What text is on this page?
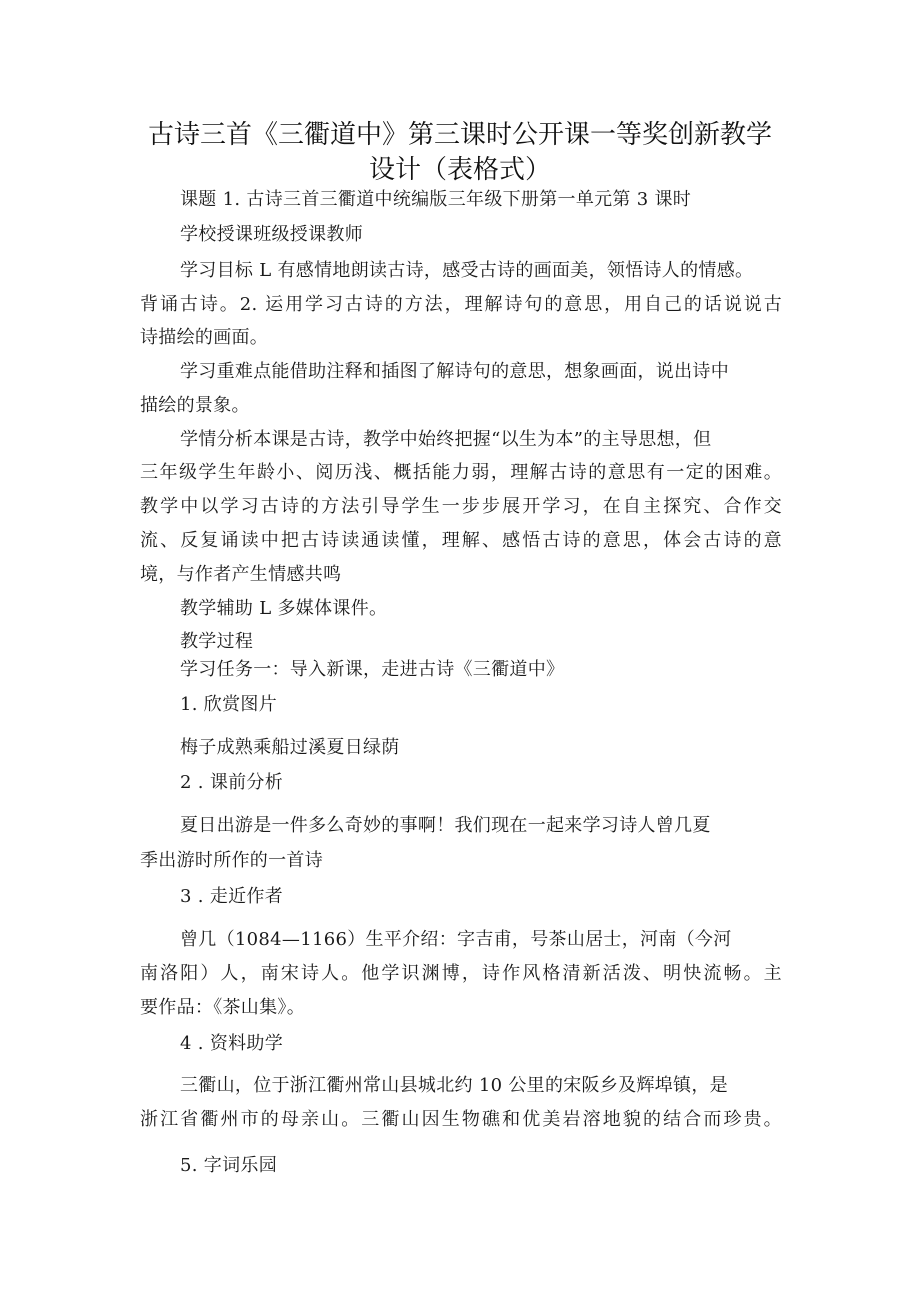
古诗三首《三衢道中》第三课时公开课一等奖创新教学
设计（表格式）
课题 1. 古诗三首三衢道中统编版三年级下册第一单元第 3 课时
学校授课班级授课教师
学习目标 L 有感情地朗读古诗，感受古诗的画面美，领悟诗人的情感。
背诵古诗。2. 运用学习古诗的方法，理解诗句的意思，用自己的话说说古
诗描绘的画面。
学习重难点能借助注释和插图了解诗句的意思，想象画面，说出诗中
描绘的景象。
学情分析本课是古诗，教学中始终把握“以生为本”的主导思想，但
三年级学生年龄小、阅历浅、概括能力弱，理解古诗的意思有一定的困难。
教学中以学习古诗的方法引导学生一步步展开学习，在自主探究、合作交
流、反复诵读中把古诗读通读懂，理解、感悟古诗的意思，体会古诗的意
境，与作者产生情感共鸣
教学辅助 L 多媒体课件。
教学过程
学习任务一：导入新课，走进古诗《三衢道中》
1. 欣赏图片
梅子成熟乘船过溪夏日绿荫
2 . 课前分析
夏日出游是一件多么奇妙的事啊！我们现在一起来学习诗人曾几夏
季出游时所作的一首诗
3 . 走近作者
曾几（1084—1166）生平介绍：字吉甫，号茶山居士，河南（今河
南洛阳）人，南宋诗人。他学识渊博，诗作风格清新活泼、明快流畅。主
要作品：《茶山集》。
4 . 资料助学
三衢山，位于浙江衢州常山县城北约 10 公里的宋阪乡及辉埠镇，是
浙江省衢州市的母亲山。三衢山因生物礁和优美岩溶地貌的结合而珍贵。
5. 字词乐园
